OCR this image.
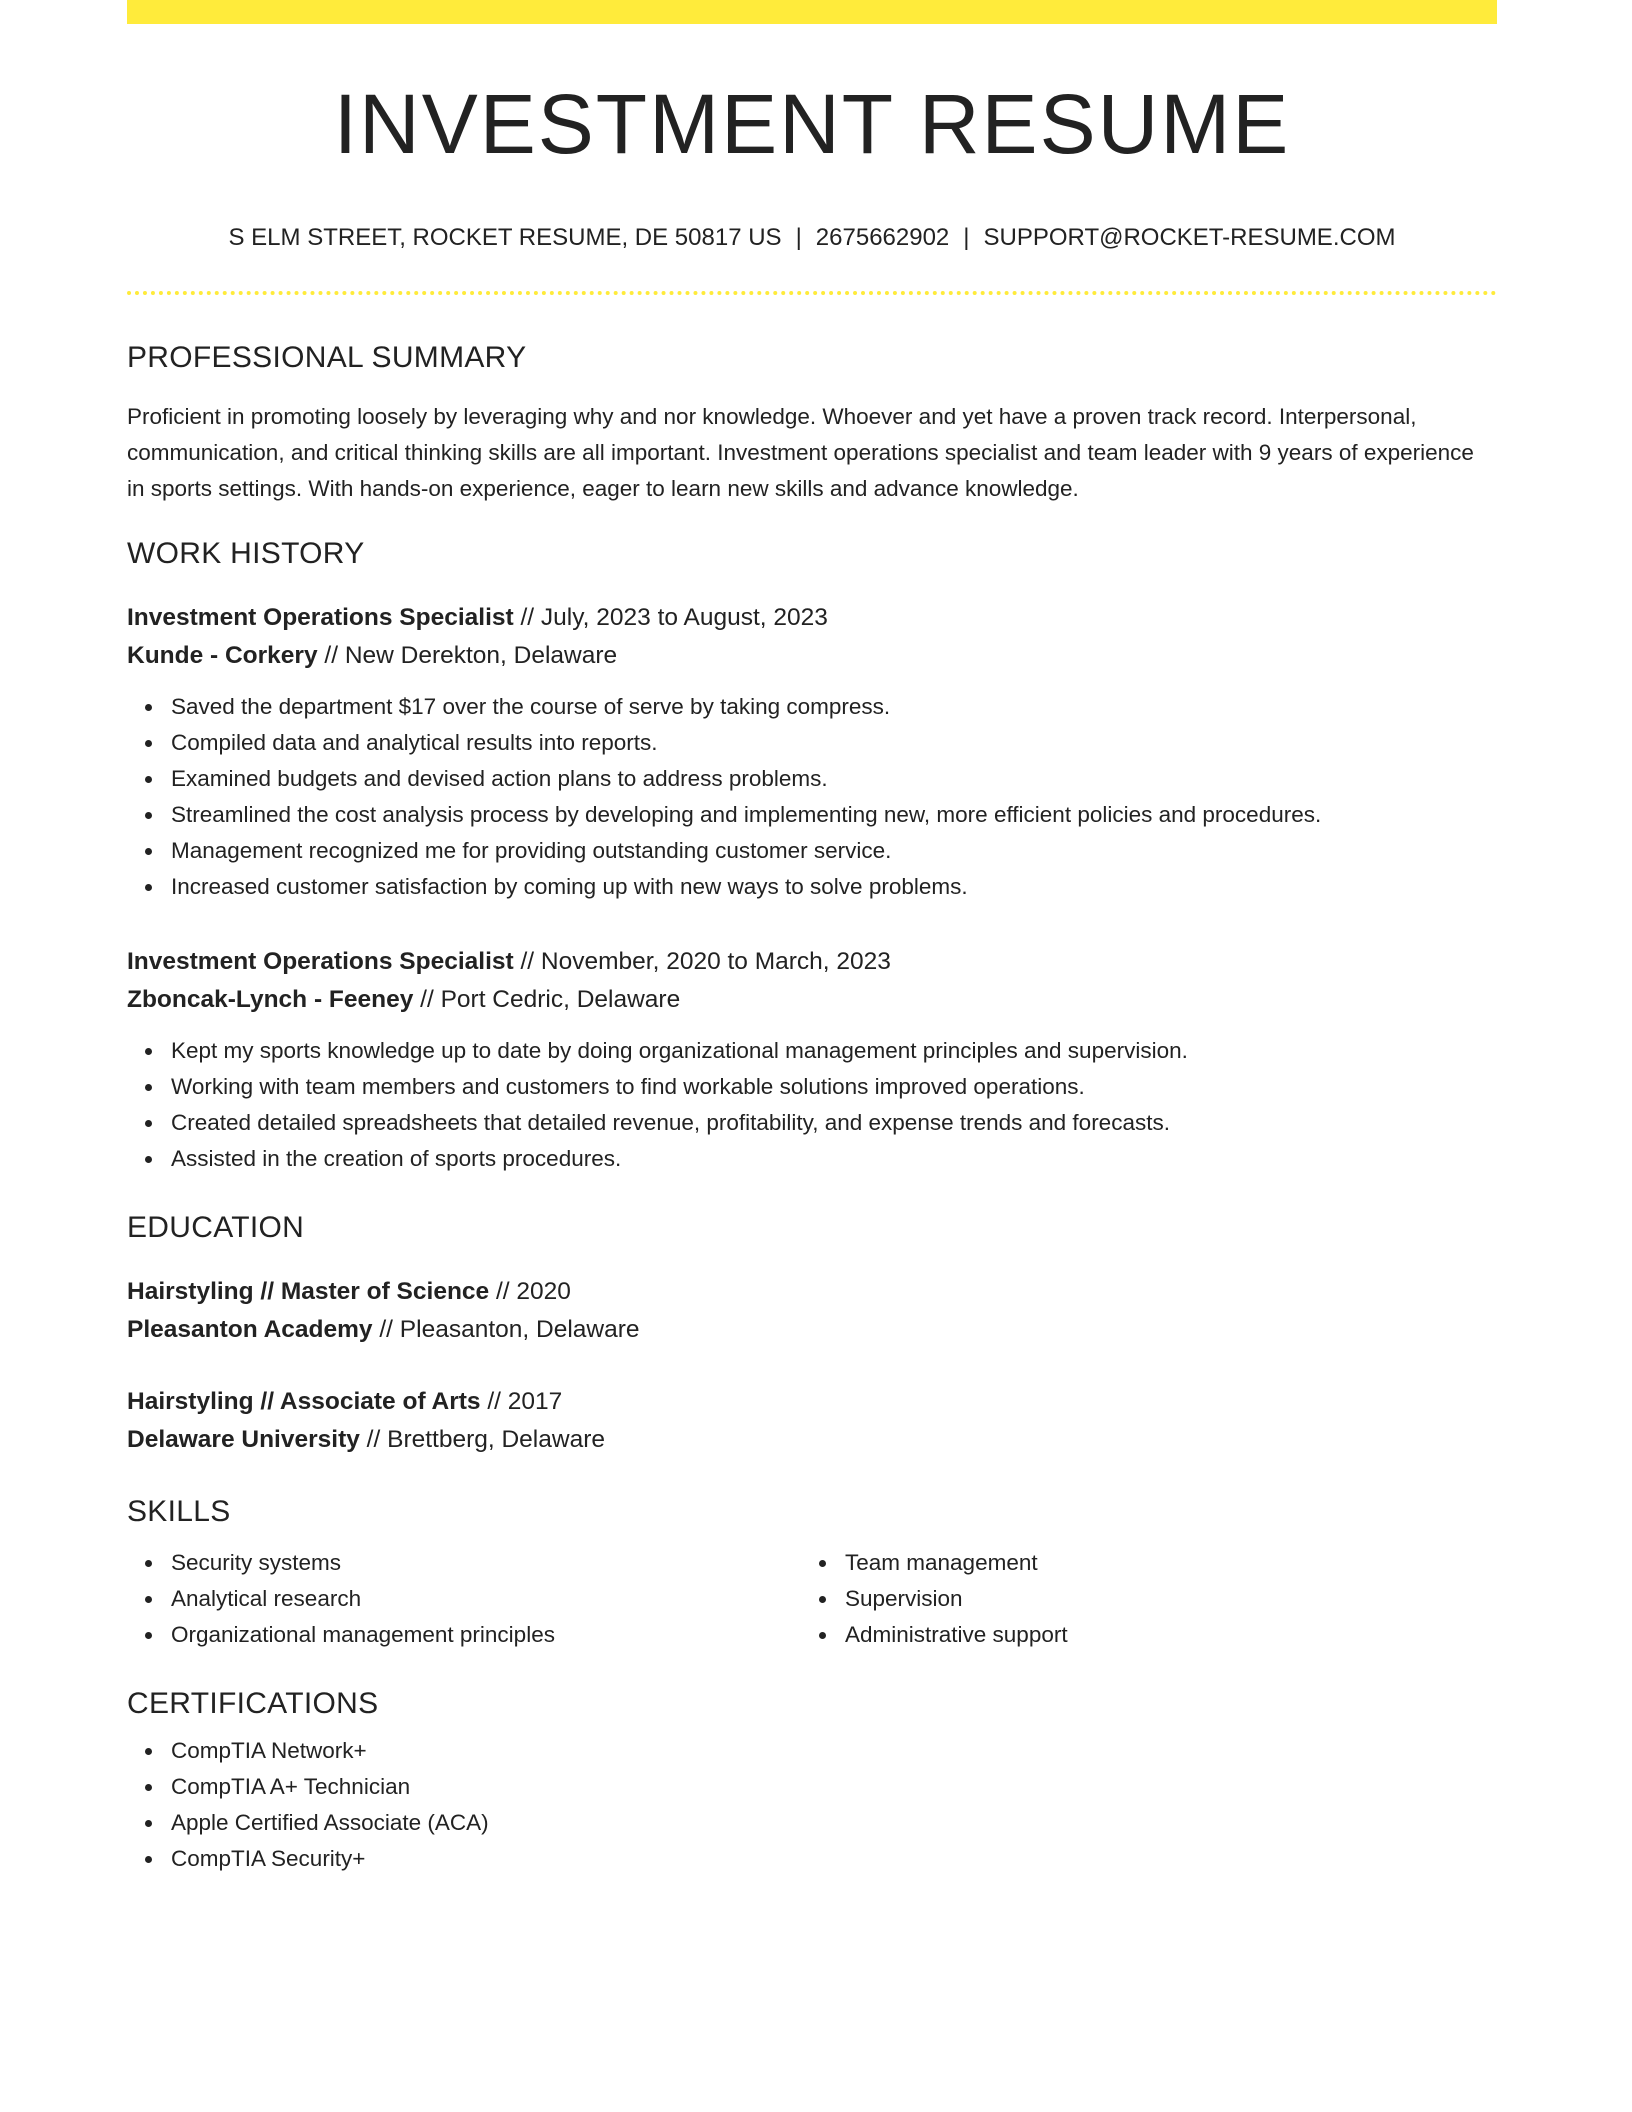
INVESTMENT RESUME
S ELM STREET, ROCKET RESUME, DE 50817 US | 2675662902 | SUPPORT@ROCKET-RESUME.COM
PROFESSIONAL SUMMARY
Proficient in promoting loosely by leveraging why and nor knowledge. Whoever and yet have a proven track record. Interpersonal, communication, and critical thinking skills are all important. Investment operations specialist and team leader with 9 years of experience in sports settings. With hands-on experience, eager to learn new skills and advance knowledge.
WORK HISTORY
Investment Operations Specialist // July, 2023 to August, 2023
Kunde - Corkery // New Derekton, Delaware
Saved the department $17 over the course of serve by taking compress.
Compiled data and analytical results into reports.
Examined budgets and devised action plans to address problems.
Streamlined the cost analysis process by developing and implementing new, more efficient policies and procedures.
Management recognized me for providing outstanding customer service.
Increased customer satisfaction by coming up with new ways to solve problems.
Investment Operations Specialist // November, 2020 to March, 2023
Zboncak-Lynch - Feeney // Port Cedric, Delaware
Kept my sports knowledge up to date by doing organizational management principles and supervision.
Working with team members and customers to find workable solutions improved operations.
Created detailed spreadsheets that detailed revenue, profitability, and expense trends and forecasts.
Assisted in the creation of sports procedures.
EDUCATION
Hairstyling // Master of Science // 2020
Pleasanton Academy // Pleasanton, Delaware
Hairstyling // Associate of Arts // 2017
Delaware University // Brettberg, Delaware
SKILLS
Security systems
Analytical research
Organizational management principles
Team management
Supervision
Administrative support
CERTIFICATIONS
CompTIA Network+
CompTIA A+ Technician
Apple Certified Associate (ACA)
CompTIA Security+
